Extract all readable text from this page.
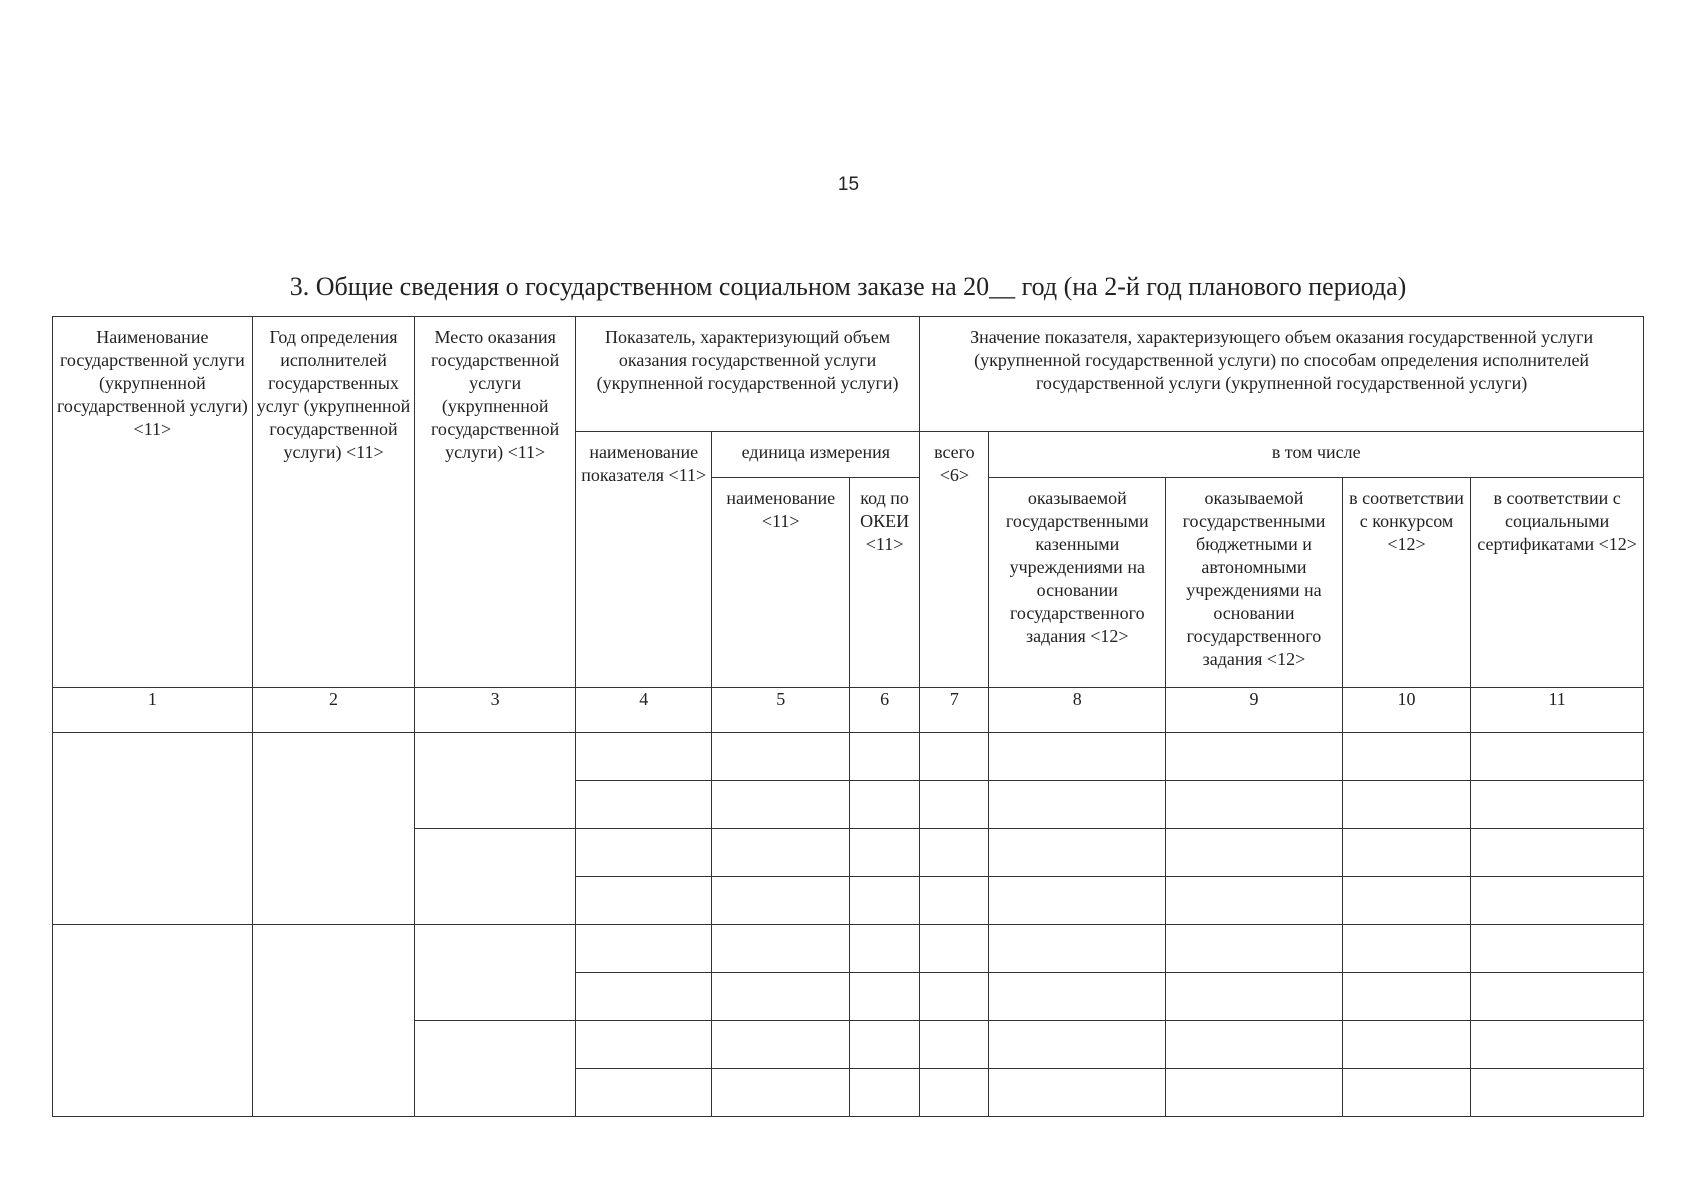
15
3. Общие сведения о государственном социальном заказе на 20__ год (на 2-й год планового периода)
Наименование государственной услуги (укрупненной государственной услуги) <11>	Год определения исполнителей государственных услуг (укрупненной государственной услуги) <11>	Место оказания государственной услуги (укрупненной государственной услуги) <11>	Показатель, характеризующий объем оказания государственной услуги (укрупненной государственной услуги)			Значение показателя, характеризующего объем оказания государственной услуги (укрупненной государственной услуги) по способам определения исполнителей государственной услуги (укрупненной государственной услуги)				

			наименование показателя <11>	единица измерения		всего <6>	в том числе			

				наименование <11>	код по ОКЕИ <11>		оказываемой государственными казенными учреждениями на основании государственного задания <12>	оказываемой государственными бюджетными и автономными учреждениями на основании государственного задания <12>	в соответствии с конкурсом <12>	в соответствии с социальными сертификатами <12>

1	2	3	4	5	6	7	8	9	10	11
